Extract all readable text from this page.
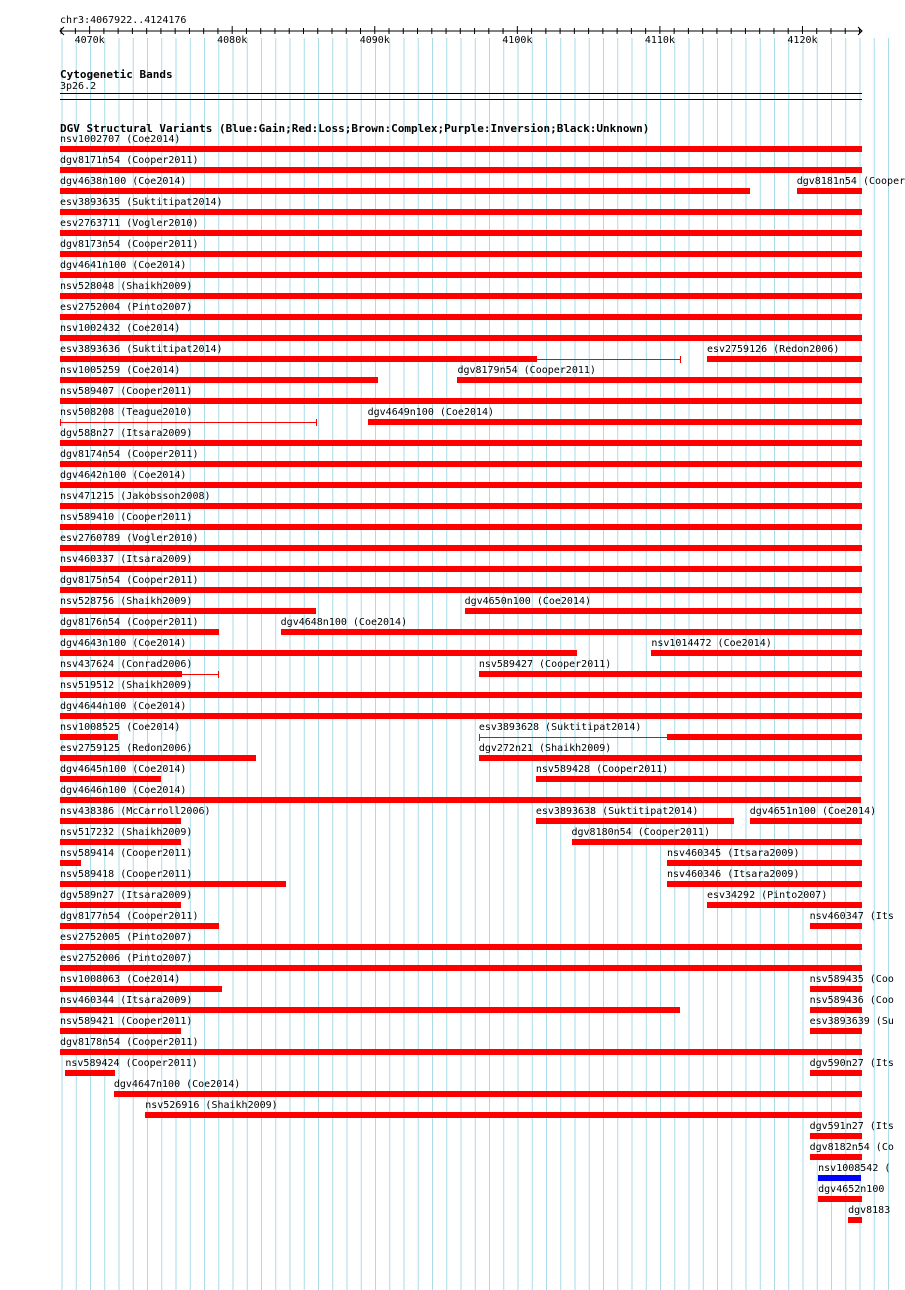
chr3:4067922..4124176
4070k	4080k	4090k	4100k	4110k	4120k
Cytogenetic Bands
3p26.2
DGV Structural Variants (Blue:Gain;Red:Loss;Brown:Complex;Purple:Inversion;Black:Unknown)
nsv1002707 (Coe2014)
dgv8171n54 (Cooper2011)
dgv4638n100 (Coe2014)	dgv8181n54 (Cooper
esv3893635 (Suktitipat2014)
esv2763711 (Vogler2010)
dgv8173n54 (Cooper2011)
dgv4641n100 (Coe2014)
nsv528048 (Shaikh2009)
esv2752004 (Pinto2007)
nsv1002432 (Coe2014)
esv3893636 (Suktitipat2014)	esv2759126 (Redon2006)
nsv1005259 (Coe2014)	dgv8179n54 (Cooper2011)
nsv589407 (Cooper2011)
nsv508208 (Teague2010)	dgv4649n100 (Coe2014)
dgv588n27 (Itsara2009)
dgv8174n54 (Cooper2011)
dgv4642n100 (Coe2014)
nsv471215 (Jakobsson2008)
nsv589410 (Cooper2011)
esv2760789 (Vogler2010)
nsv460337 (Itsara2009)
dgv8175n54 (Cooper2011)
nsv528756 (Shaikh2009)	dgv4650n100 (Coe2014)
dgv8176n54 (Cooper2011)	dgv4648n100 (Coe2014)
dgv4643n100 (Coe2014)	nsv1014472 (Coe2014)
nsv437624 (Conrad2006)	nsv589427 (Cooper2011)
nsv519512 (Shaikh2009)
dgv4644n100 (Coe2014)
nsv1008525 (Coe2014)	esv3893628 (Suktitipat2014)
esv2759125 (Redon2006)	dgv272n21 (Shaikh2009)
dgv4645n100 (Coe2014)	nsv589428 (Cooper2011)
dgv4646n100 (Coe2014)
nsv438386 (McCarroll2006)	esv3893638 (Suktitipat2014)	dgv4651n100 (Coe2014)
nsv517232 (Shaikh2009)	dgv8180n54 (Cooper2011)
nsv589414 (Cooper2011)	nsv460345 (Itsara2009)
nsv589418 (Cooper2011)	nsv460346 (Itsara2009)
dgv589n27 (Itsara2009)	esv34292 (Pinto2007)
dgv8177n54 (Cooper2011)	nsv460347 (Its
esv2752005 (Pinto2007)
esv2752006 (Pinto2007)
nsv1008063 (Coe2014)	nsv589435 (Coo
nsv460344 (Itsara2009)	nsv589436 (Coo
nsv589421 (Cooper2011)	esv3893639 (Su
dgv8178n54 (Cooper2011)
nsv589424 (Cooper2011)	dgv590n27 (Its
dgv4647n100 (Coe2014)
nsv526916 (Shaikh2009)
dgv591n27 (Its
dgv8182n54 (Co
nsv1008542 (
dgv4652n100
dgv8183
